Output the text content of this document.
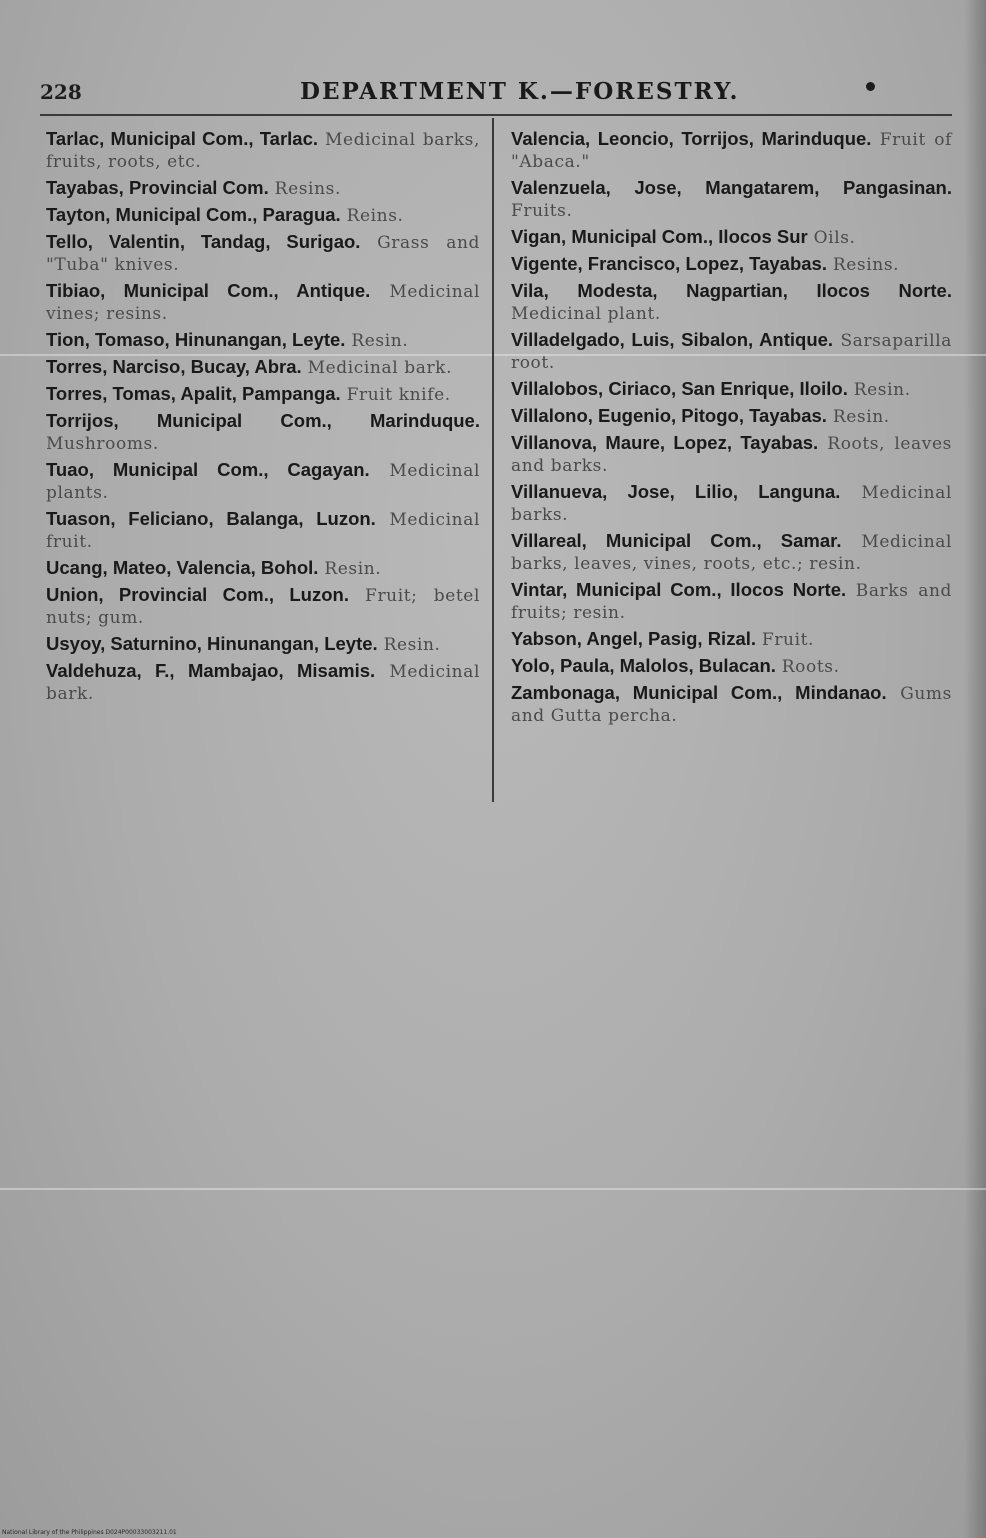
228	DEPARTMENT K.—FORESTRY.

Tarlac, Municipal Com., Tarlac. Medicinal barks, fruits, roots, etc.

Tayabas, Provincial Com. Resins.

Tayton, Municipal Com., Paragua. Reins.

Tello, Valentin, Tandag, Surigao. Grass and "Tuba" knives.

Tibiao, Municipal Com., Antique. Medicinal vines; resins.

Tion, Tomaso, Hinunangan, Leyte. Resin.

Torres, Narciso, Bucay, Abra. Medicinal bark.

Torres, Tomas, Apalit, Pampanga. Fruit knife.

Torrijos, Municipal Com., Marinduque. Mushrooms.

Tuao, Municipal Com., Cagayan. Medicinal plants.

Tuason, Feliciano, Balanga, Luzon. Medicinal fruit.

Ucang, Mateo, Valencia, Bohol. Resin.

Union, Provincial Com., Luzon. Fruit; betel nuts; gum.

Usyoy, Saturnino, Hinunangan, Leyte. Resin.

Valdehuza, F., Mambajao, Misamis. Medicinal bark.

Valencia, Leoncio, Torrijos, Marinduque. Fruit of "Abaca."

Valenzuela, Jose, Mangatarem, Pangasinan. Fruits.

Vigan, Municipal Com., Ilocos Sur Oils.

Vigente, Francisco, Lopez, Tayabas. Resins.

Vila, Modesta, Nagpartian, Ilocos Norte. Medicinal plant.

Villadelgado, Luis, Sibalon, Antique. Sarsaparilla root.

Villalobos, Ciriaco, San Enrique, Iloilo. Resin.

Villalono, Eugenio, Pitogo, Tayabas. Resin.

Villanova, Maure, Lopez, Tayabas. Roots, leaves and barks.

Villanueva, Jose, Lilio, Languna. Medicinal barks.

Villareal, Municipal Com., Samar. Medicinal barks, leaves, vines, roots, etc.; resin.

Vintar, Municipal Com., Ilocos Norte. Barks and fruits; resin.

Yabson, Angel, Pasig, Rizal. Fruit.

Yolo, Paula, Malolos, Bulacan. Roots.

Zambonaga, Municipal Com., Mindanao. Gums and Gutta percha.

National Library of the Philippines D024P00033003211.01
